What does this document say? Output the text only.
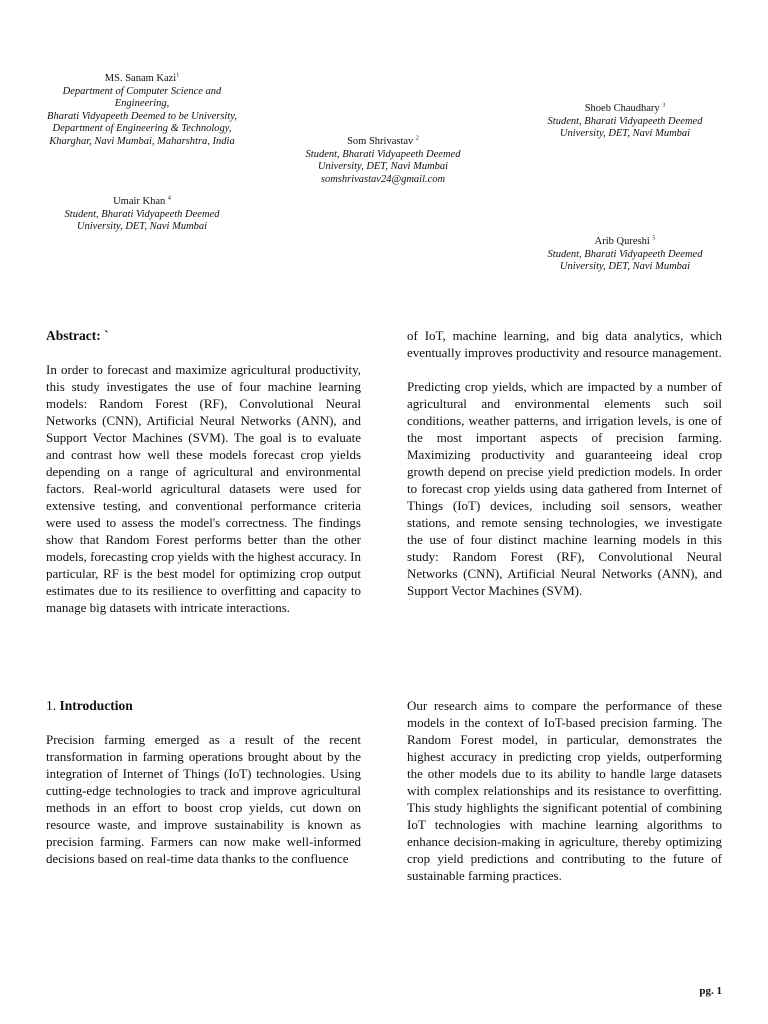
MS. Sanam Kazi$^1$
Department of Computer Science and Engineering,
Bharati Vidyapeeth Deemed to be University, Department of Engineering & Technology, Kharghar, Navi Mumbai, Maharshtra, India	Som Shrivastav $^2$
Student, Bharati Vidyapeeth Deemed University, DET, Navi Mumbai
somshrivastav24@gmail.com
Shoeb Chaudhary $^3$
Student, Bharati Vidyapeeth Deemed University, DET, Navi Mumbai
Umair Khan $^4$
Student, Bharati Vidyapeeth Deemed University, DET, Navi Mumbai
Arib Qureshi $^5$
Student, Bharati Vidyapeeth Deemed University, DET, Navi Mumbai

Abstract: `

In order to forecast and maximize agricultural productivity, this study investigates the use of four machine learning models: Random Forest (RF), Convolutional Neural Networks (CNN), Artificial Neural Networks (ANN), and Support Vector Machines (SVM). The goal is to evaluate and contrast how well these models forecast crop yields depending on a range of agricultural and environmental factors. Real-world agricultural datasets were used for extensive testing, and conventional performance criteria were used to assess the model's correctness. The findings show that Random Forest performs better than the other models, forecasting crop yields with the highest accuracy. In particular, RF is the best model for optimizing crop output estimates due to its resilience to overfitting and capacity to manage big datasets with intricate interactions.

1. Introduction

Precision farming emerged as a result of the recent transformation in farming operations brought about by the integration of Internet of Things (IoT) technologies. Using cutting-edge technologies to track and improve agricultural methods in an effort to boost crop yields, cut down on resource waste, and improve sustainability is known as precision farming. Farmers can now make well-informed decisions based on real-time data thanks to the confluence

of IoT, machine learning, and big data analytics, which eventually improves productivity and resource management.

Predicting crop yields, which are impacted by a number of agricultural and environmental elements such soil conditions, weather patterns, and irrigation levels, is one of the most important aspects of precision farming. Maximizing productivity and guaranteeing ideal crop growth depend on precise yield prediction models. In order to forecast crop yields using data gathered from Internet of Things (IoT) devices, including soil sensors, weather stations, and remote sensing technologies, we investigate the use of four distinct machine learning models in this study: Random Forest (RF), Convolutional Neural Networks (CNN), Artificial Neural Networks (ANN), and Support Vector Machines (SVM).

Our research aims to compare the performance of these models in the context of IoT-based precision farming. The Random Forest model, in particular, demonstrates the highest accuracy in predicting crop yields, outperforming the other models due to its ability to handle large datasets with complex relationships and its resistance to overfitting. This study highlights the significant potential of combining IoT technologies with machine learning algorithms to enhance decision-making in agriculture, thereby optimizing crop yield predictions and contributing to the future of sustainable farming practices.

pg. 1
